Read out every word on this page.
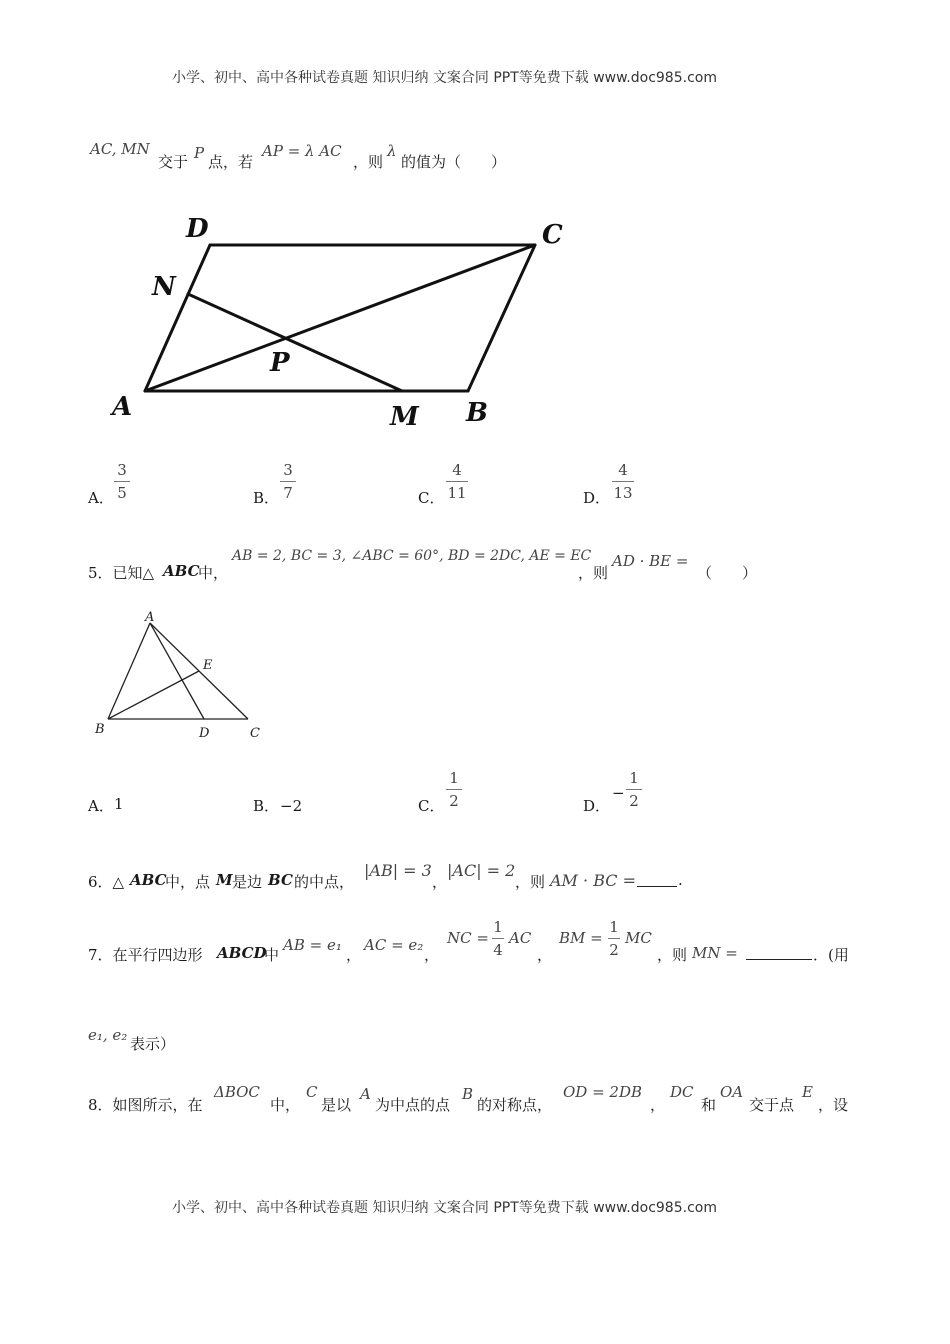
小学、初中、高中各种试卷真题 知识归纳 文案合同 PPT等免费下载 www.doc985.com
AC, MN
交于 P 点，若
AP = λ AC
，则
λ
的值为（　　）
D	C
N
P
A	M B
A．
3
5	B．
3
7	C．
4
11	D．
4
13
5．已知△ ABC
中，
AB = 2, BC = 3, ∠ABC = 60°, BD = 2DC, AE = EC
，则
AD · BE =
（　　）
A
E
B	D	C
A． 1	B． −2	C．
1
2	D．
−
1
2
6．△ ABC
中，点 M 是边 BC 的中点，
|AB| = 3
，
|AC| = 2
，则 AM · BC =	.
7．在平行四边形 ABCD
中
AB = e₁
，
AC = e₂
，
NC =
1
4
AC
，
BM =
1
2
MC
，则 MN =	．(用
e₁, e₂ 表示）
8．如图所示，在
ΔBOC
中，
C
是以
A
为中点的点
B
的对称点，
OD = 2DB
，
DC
和
OA
交于点
E
，设
小学、初中、高中各种试卷真题 知识归纳 文案合同 PPT等免费下载 www.doc985.com
